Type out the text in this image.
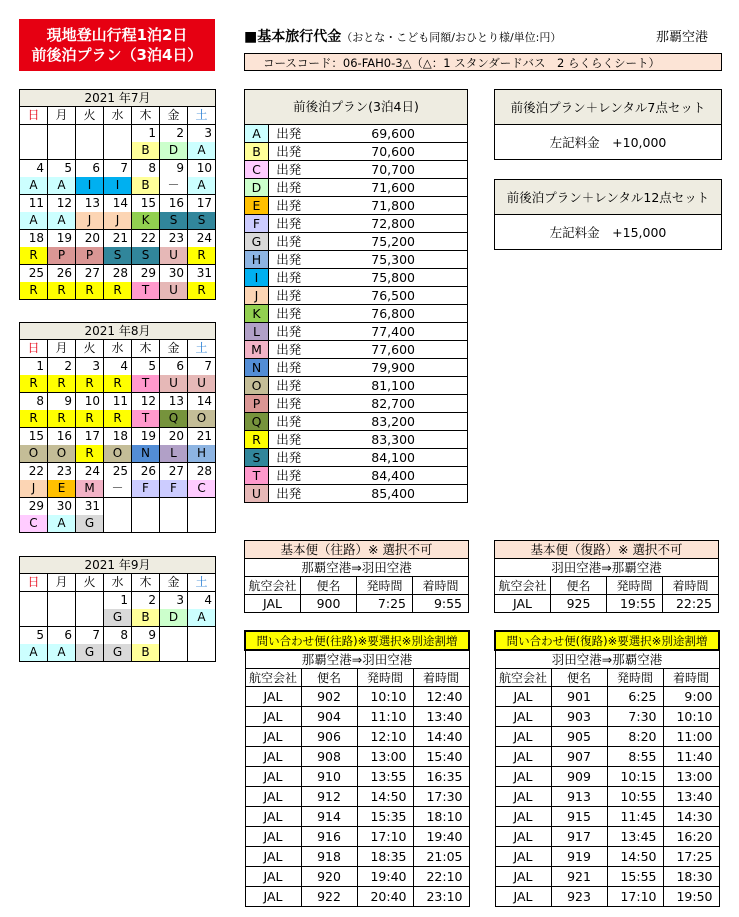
現地登山行程1泊2日
前後泊プラン（3泊4日）
■基本旅行代金（おとな・こども同額/おひとり様/単位:円）	那覇空港
コースコード：06-FAH0-3△（△：1 スタンダードバス　2 らくらくシート）
2021 年7月						
日	月	火	水	木	金	土
				1	2	3
				B	D	A
4	5	6	7	8	9	10
A	A	I	I	B	－	A
11	12	13	14	15	16	17
A	A	J	J	K	S	S
18	19	20	21	22	23	24
R	P	P	S	S	U	R
25	26	27	28	29	30	31
R	R	R	R	T	U	R
2021 年8月						
日	月	火	水	木	金	土
1	2	3	4	5	6	7
R	R	R	R	T	U	U
8	9	10	11	12	13	14
R	R	R	R	T	Q	O
15	16	17	18	19	20	21
O	O	R	O	N	L	H
22	23	24	25	26	27	28
J	E	M	－	F	F	C
29	30	31				
C	A	G				
2021 年9月						
日	月	火	水	木	金	土
			1	2	3	4
			G	B	D	A
5	6	7	8	9		
A	A	G	G	B		
前後泊プラン(3泊4日)		
A	出発	69,600
B	出発	70,600
C	出発	70,700
D	出発	71,600
E	出発	71,800
F	出発	72,800
G	出発	75,200
H	出発	75,300
I	出発	75,800
J	出発	76,500
K	出発	76,800
L	出発	77,400
M	出発	77,600
N	出発	79,900
O	出発	81,100
P	出発	82,700
Q	出発	83,200
R	出発	83,300
S	出発	84,100
T	出発	84,400
U	出発	85,400
前後泊プラン＋レンタル7点セット
左記料金　+10,000
前後泊プラン＋レンタル12点セット
左記料金　+15,000
基本便（往路）※ 選択不可			
那覇空港⇒羽田空港			
航空会社	便名	発時間	着時間
JAL	900	7:25	9:55
基本便（復路）※ 選択不可			
羽田空港⇒那覇空港			
航空会社	便名	発時間	着時間
JAL	925	19:55	22:25
問い合わせ便(往路)※要選択※別途割増			
那覇空港⇒羽田空港			
航空会社	便名	発時間	着時間
JAL	902	10:10	12:40
JAL	904	11:10	13:40
JAL	906	12:10	14:40
JAL	908	13:00	15:40
JAL	910	13:55	16:35
JAL	912	14:50	17:30
JAL	914	15:35	18:10
JAL	916	17:10	19:40
JAL	918	18:35	21:05
JAL	920	19:40	22:10
JAL	922	20:40	23:10
問い合わせ便(復路)※要選択※別途割増			
羽田空港⇒那覇空港			
航空会社	便名	発時間	着時間
JAL	901	6:25	9:00
JAL	903	7:30	10:10
JAL	905	8:20	11:00
JAL	907	8:55	11:40
JAL	909	10:15	13:00
JAL	913	10:55	13:40
JAL	915	11:45	14:30
JAL	917	13:45	16:20
JAL	919	14:50	17:25
JAL	921	15:55	18:30
JAL	923	17:10	19:50
